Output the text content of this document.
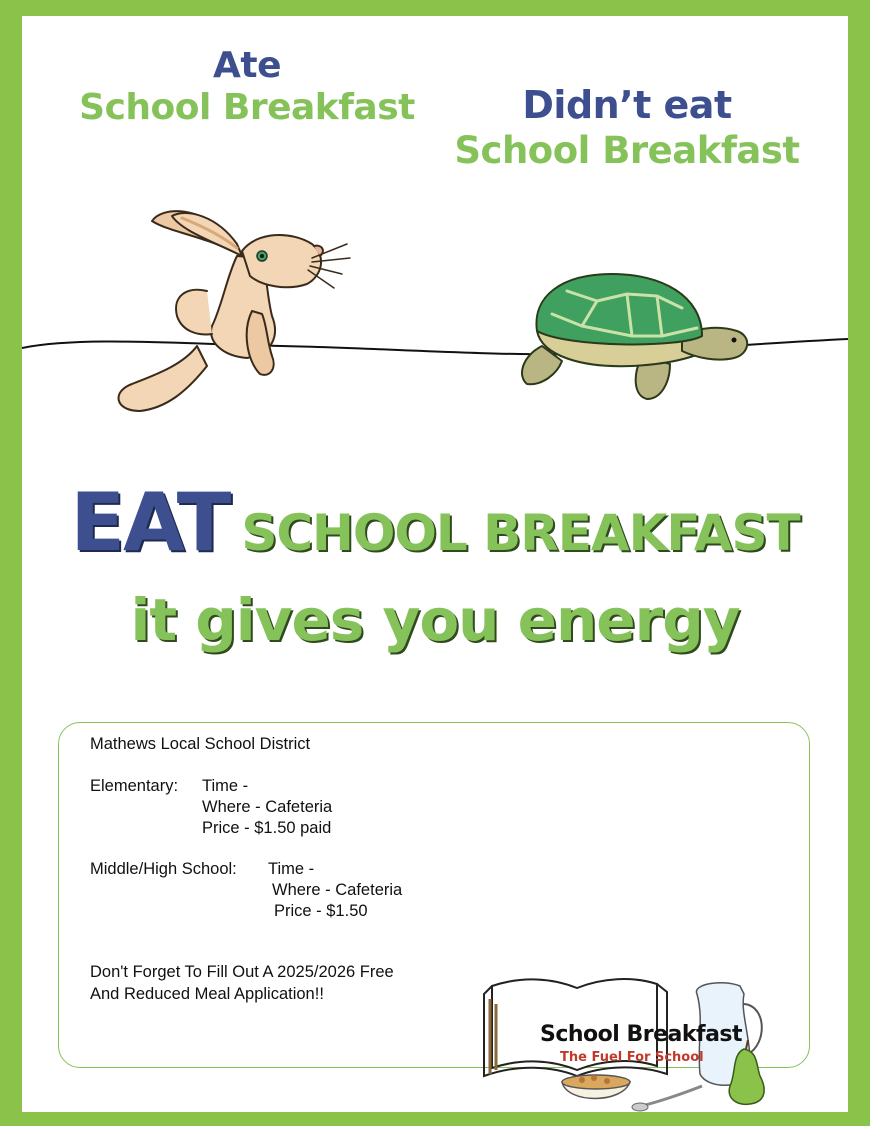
Ate
School Breakfast	Didn’t eat
School Breakfast
EAT SCHOOL BREAKFAST
it gives you energy
Mathews Local School District
Elementary: Time -
Where - Cafeteria
Price - $1.50 paid
Middle/High School: Time -
Where - Cafeteria
Price - $1.50
Don't Forget To Fill Out A 2025/2026 Free
And Reduced Meal Application!!
School Breakfast
The Fuel For School
